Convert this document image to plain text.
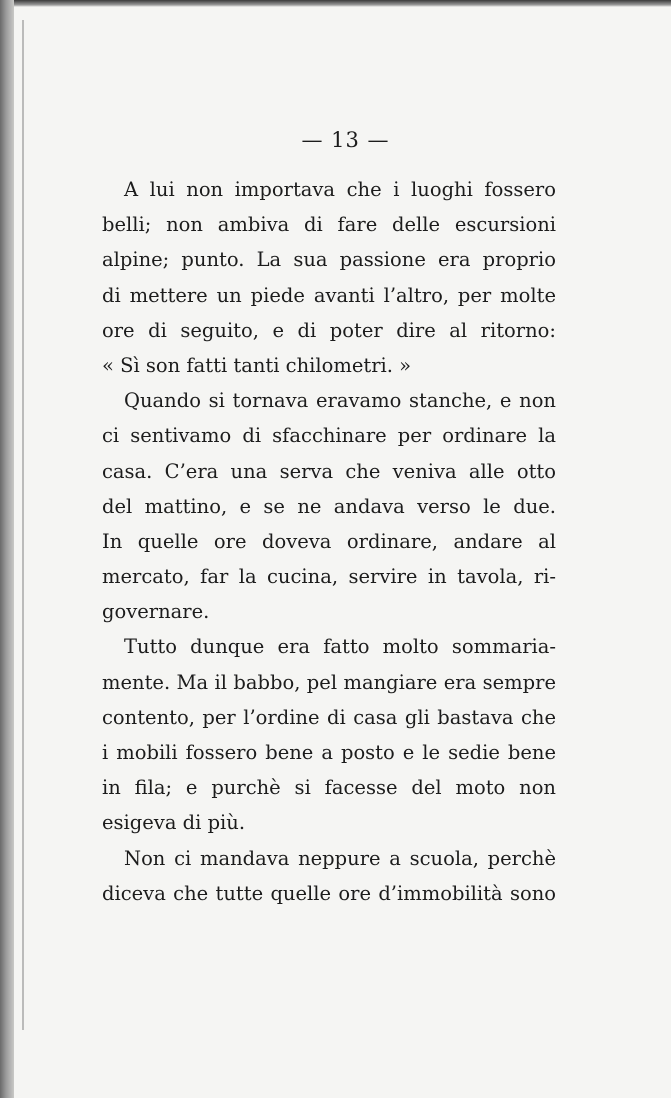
— 13 —
A lui non importava che i luoghi fossero
belli; non ambiva di fare delle escursioni
alpine; punto. La sua passione era proprio
di mettere un piede avanti l’altro, per molte
ore di seguito, e di poter dire al ritorno:
« Sì son fatti tanti chilometri. »
Quando si tornava eravamo stanche, e non
ci sentivamo di sfacchinare per ordinare la
casa. C’era una serva che veniva alle otto
del mattino, e se ne andava verso le due.
In quelle ore doveva ordinare, andare al
mercato, far la cucina, servire in tavola, ri-
governare.
Tutto dunque era fatto molto sommaria-
mente. Ma il babbo, pel mangiare era sempre
contento, per l’ordine di casa gli bastava che
i mobili fossero bene a posto e le sedie bene
in fila; e purchè si facesse del moto non
esigeva di più.
Non ci mandava neppure a scuola, perchè
diceva che tutte quelle ore d’immobilità sono
